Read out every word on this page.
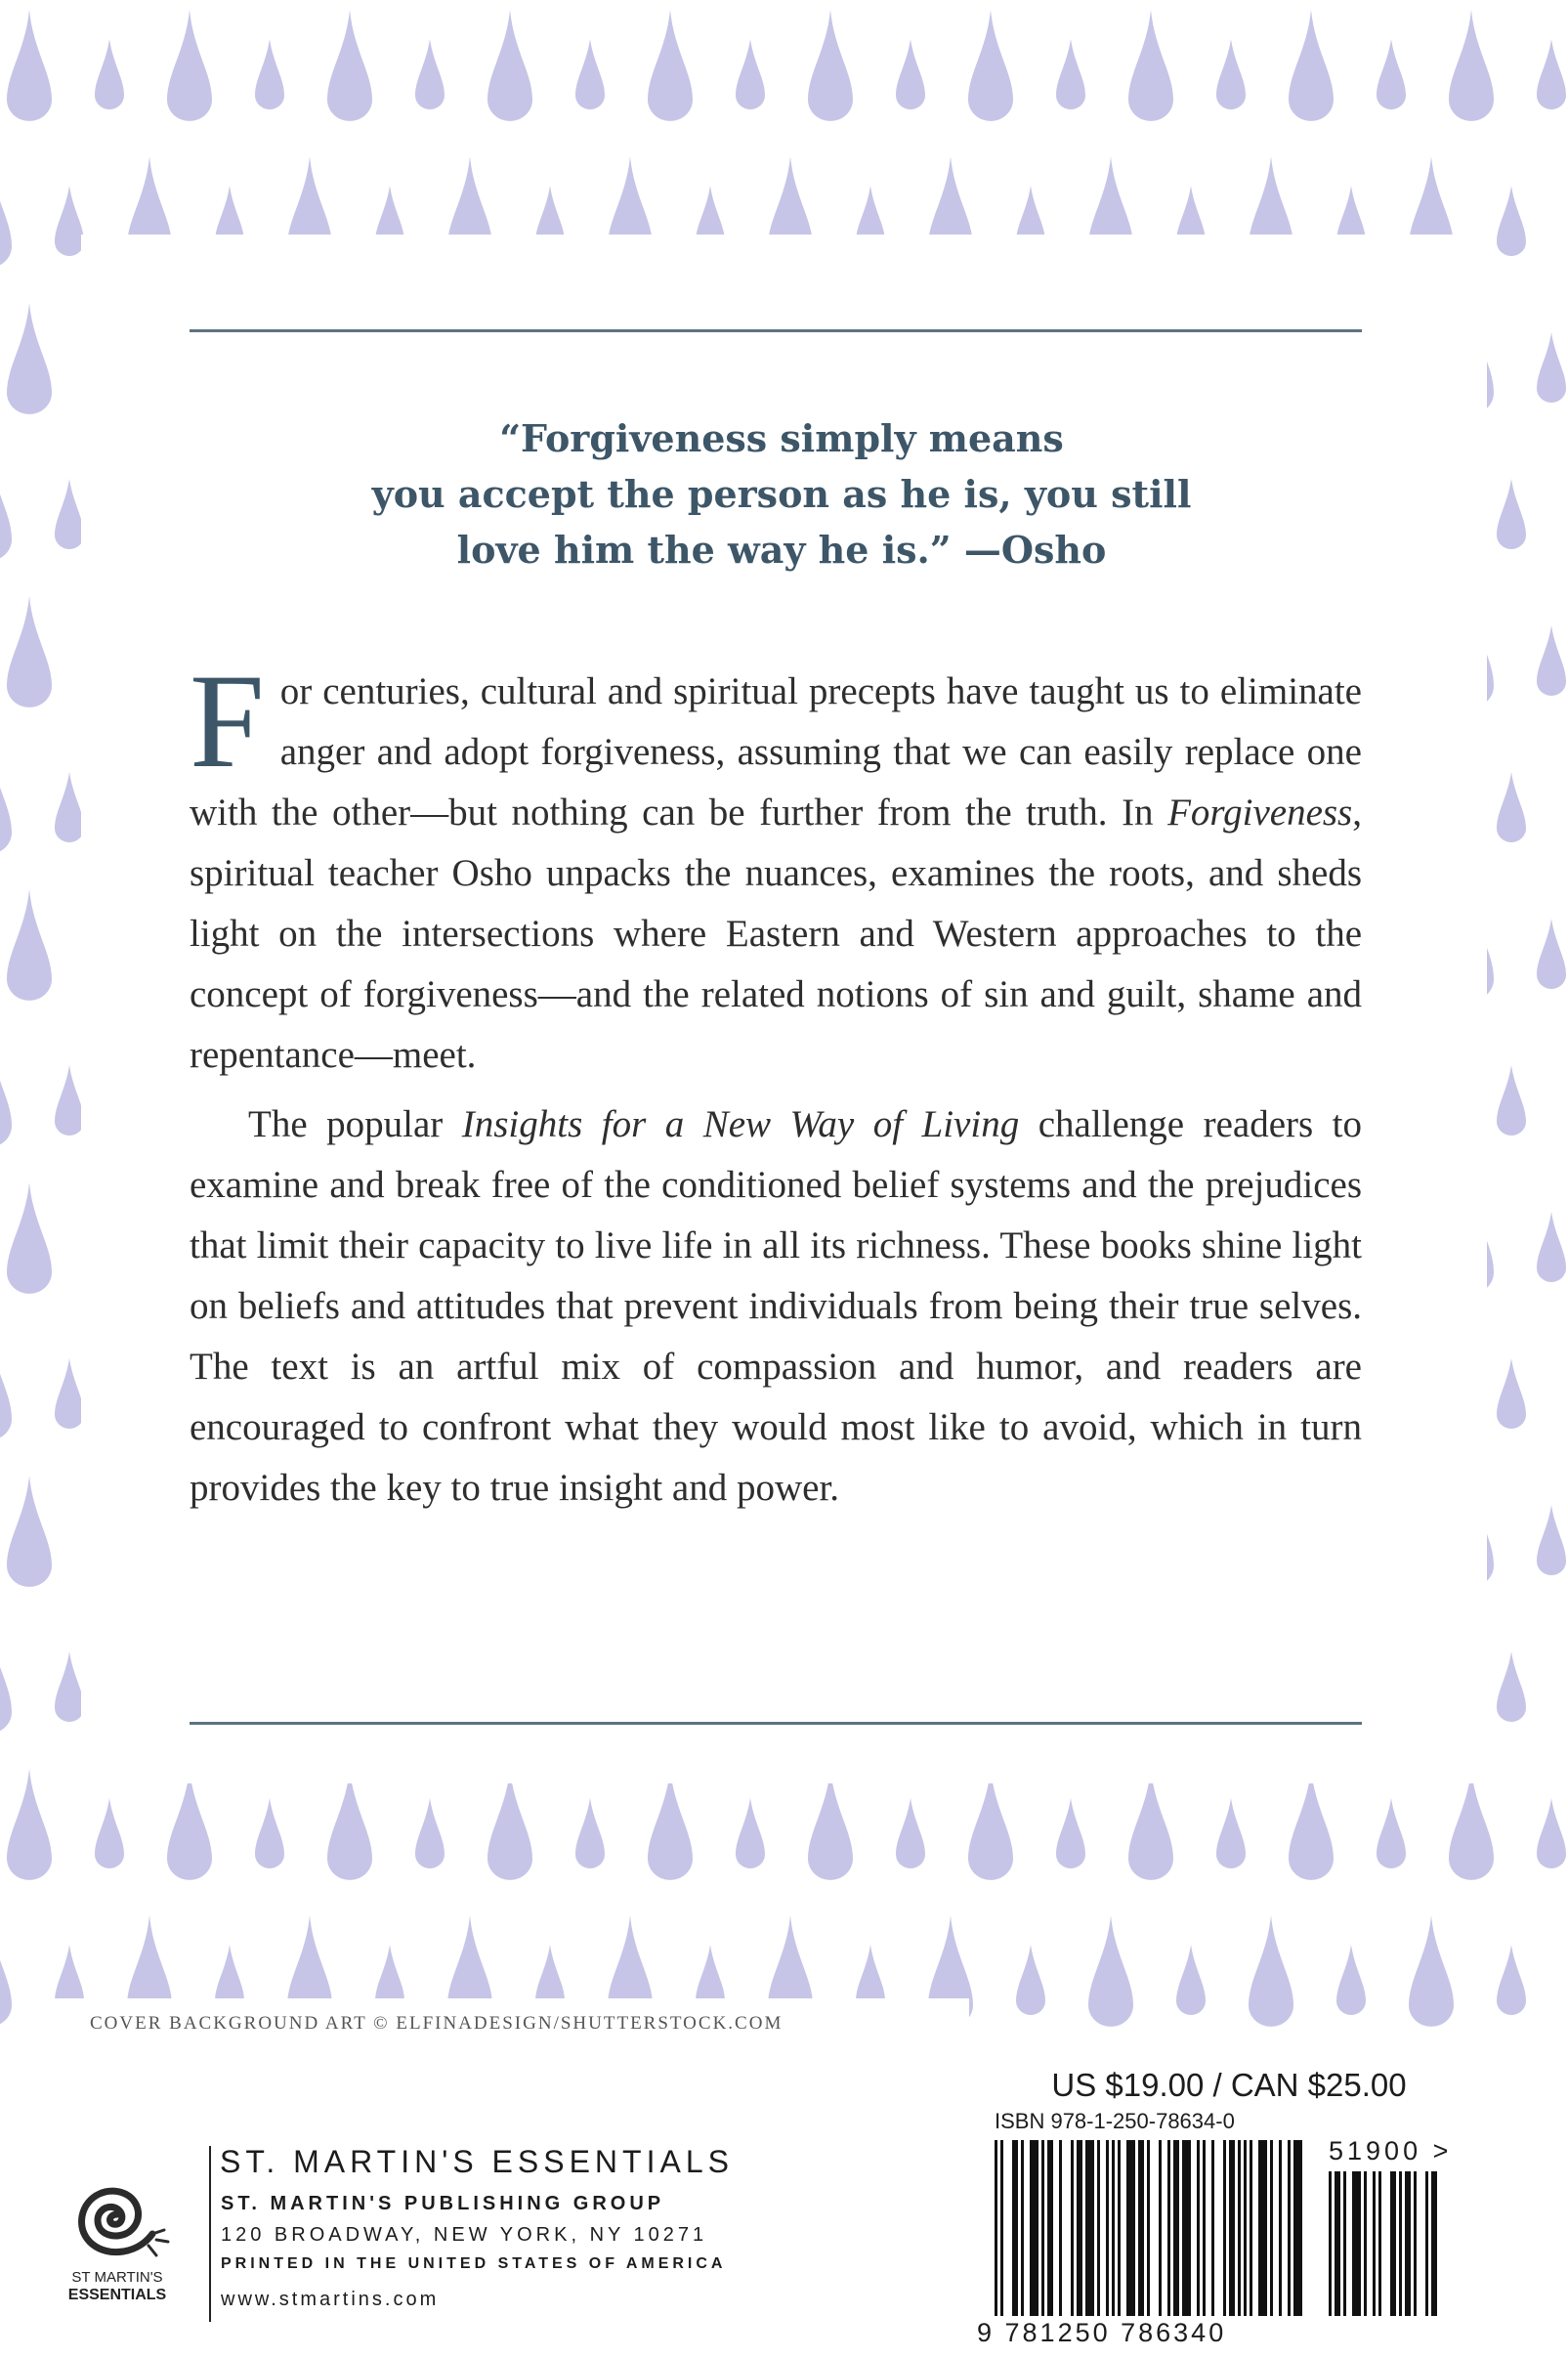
“Forgiveness simply means
you accept the person as he is, you still
love him the way he is.” —Osho

For centuries, cultural and spiritual precepts have taught us to eliminate anger and adopt forgiveness, assuming that we can easily replace one with the other—but nothing can be further from the truth. In Forgiveness, spiritual teacher Osho unpacks the nuances, examines the roots, and sheds light on the intersections where Eastern and Western approaches to the concept of forgiveness—and the related notions of sin and guilt, shame and repentance—meet.

The popular Insights for a New Way of Living challenge readers to examine and break free of the conditioned belief systems and the prejudices that limit their capacity to live life in all its richness. These books shine light on beliefs and attitudes that prevent individuals from being their true selves. The text is an artful mix of compassion and humor, and readers are encouraged to confront what they would most like to avoid, which in turn provides the key to true insight and power.

COVER BACKGROUND ART © ELFINADESIGN/SHUTTERSTOCK.COM
ST MARTIN'S
ESSENTIALS
ST. MARTIN'S ESSENTIALS
ST. MARTIN'S PUBLISHING GROUP
120 BROADWAY, NEW YORK, NY 10271
PRINTED IN THE UNITED STATES OF AMERICA
www.stmartins.com
US $19.00 / CAN $25.00
ISBN 978-1-250-78634-0
51900 >
9 781250 786340
